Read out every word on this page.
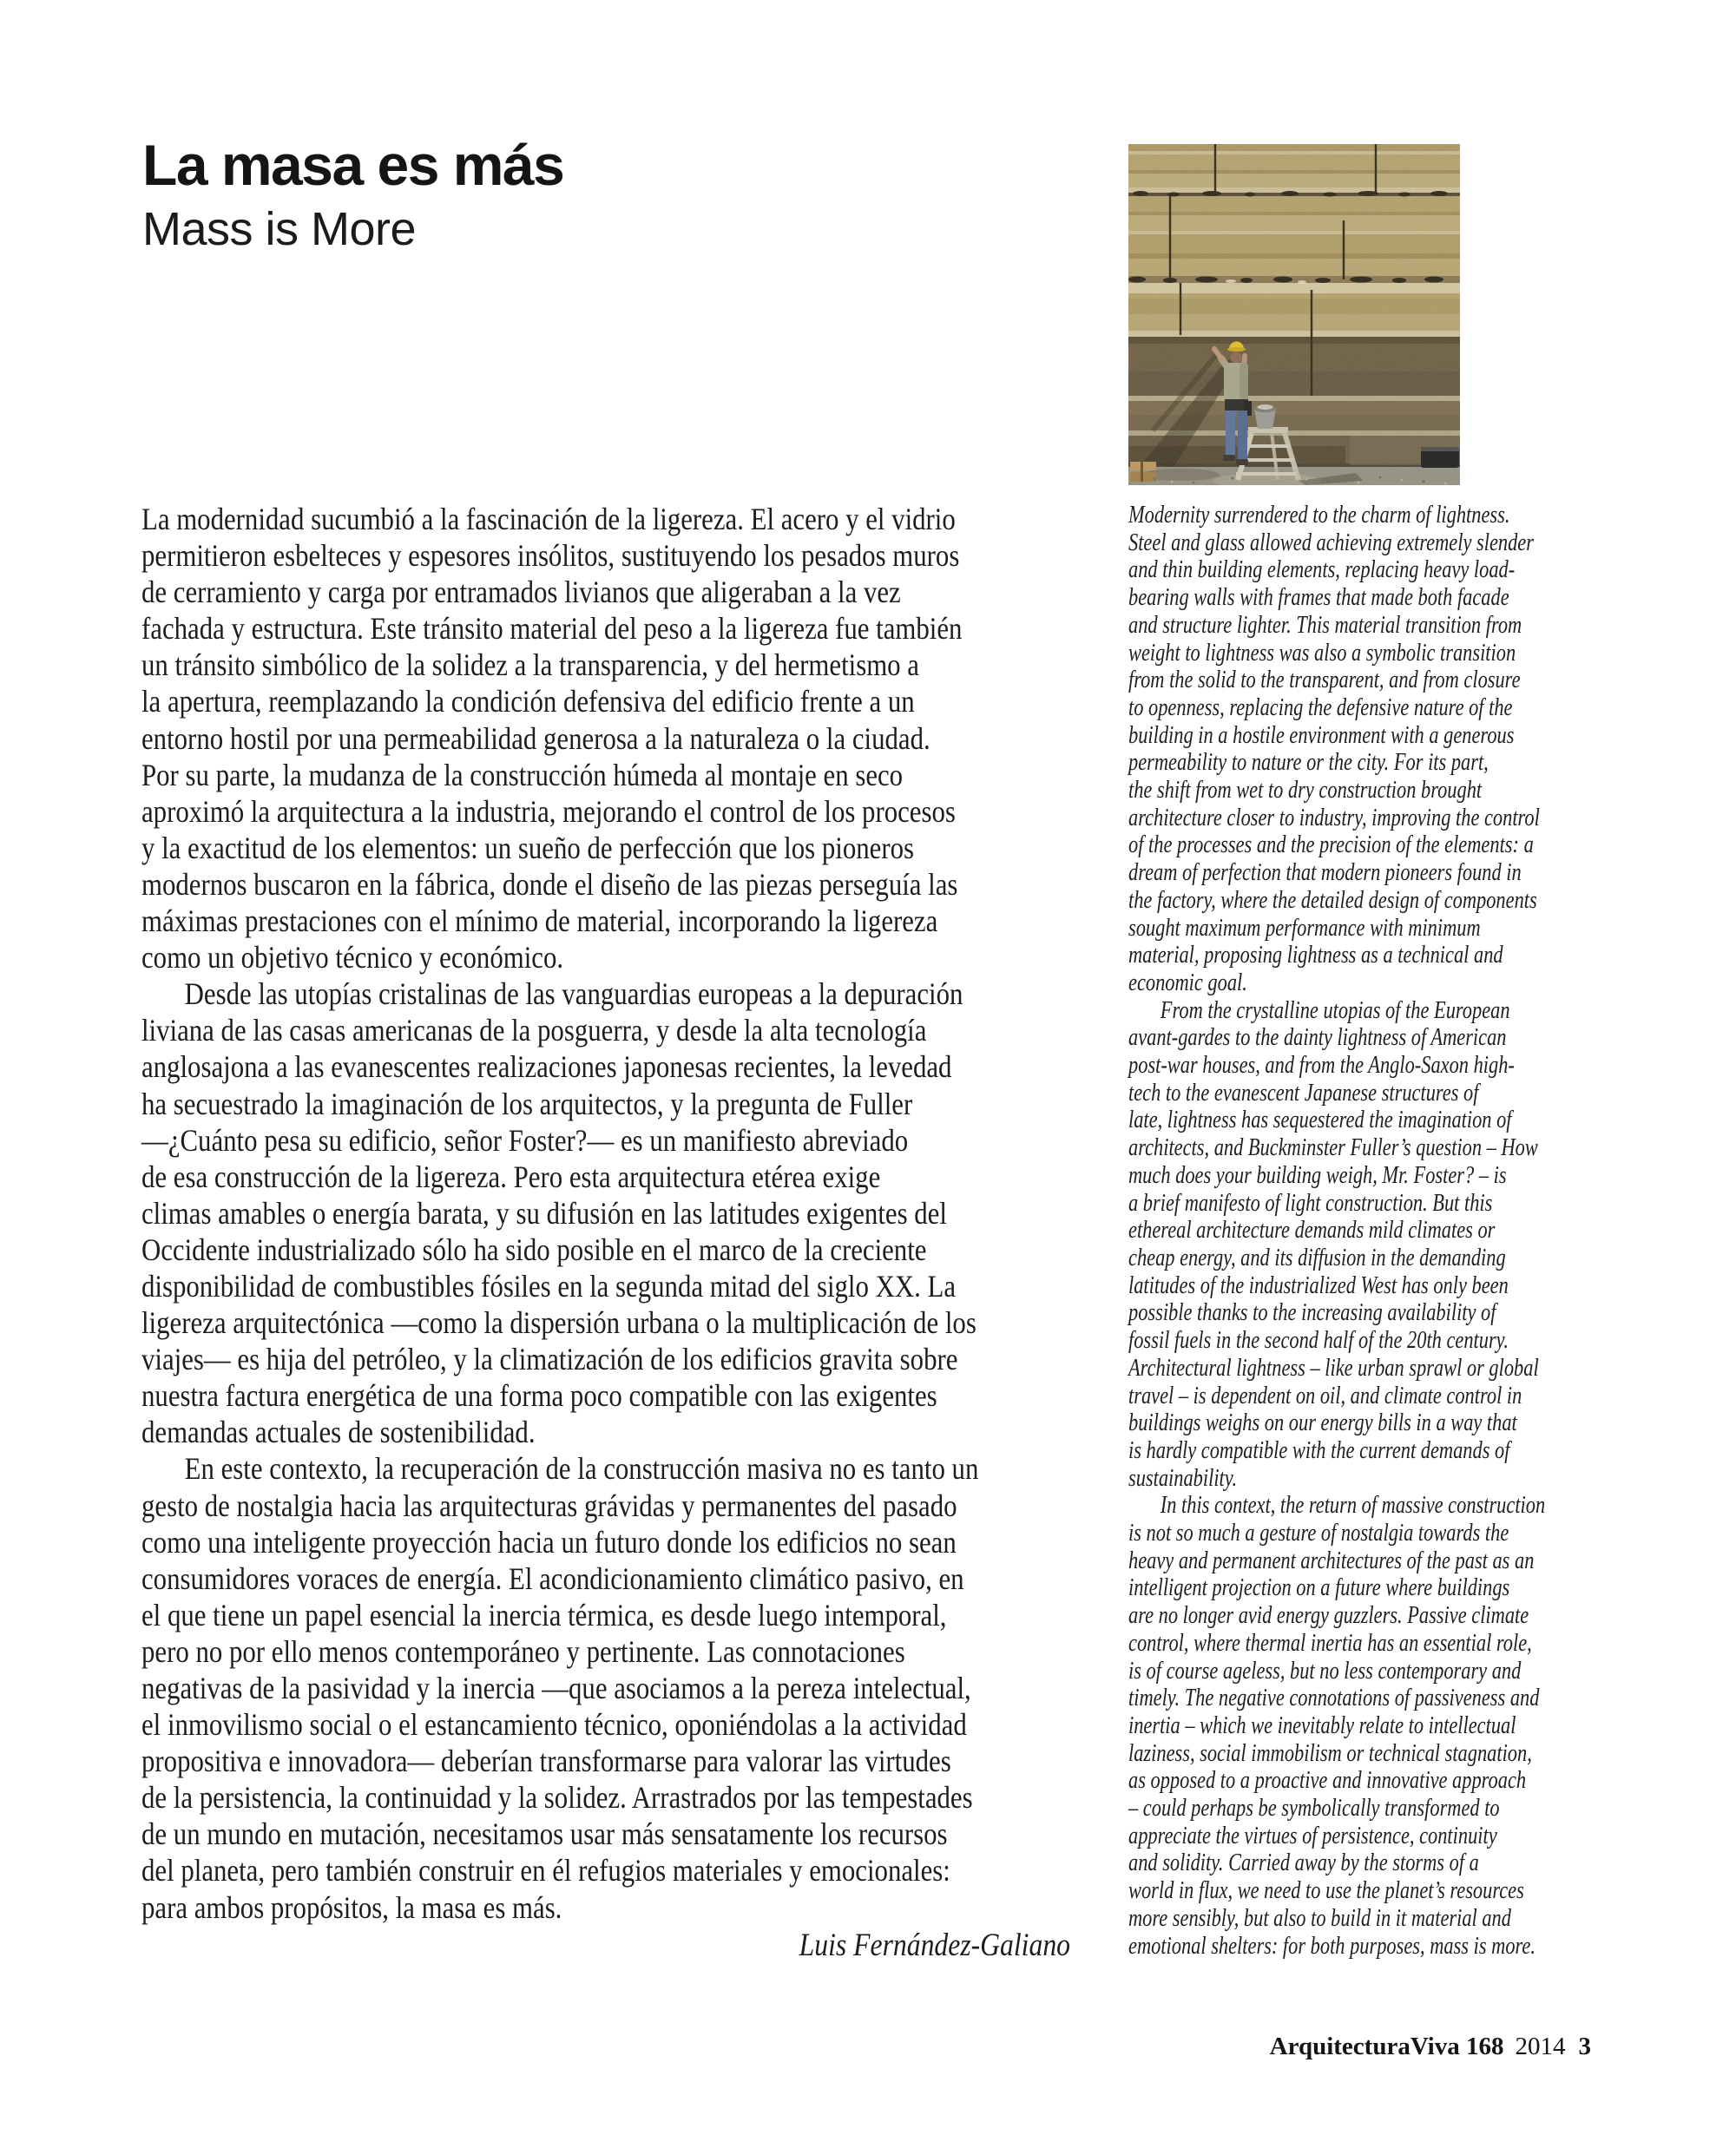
La masa es más
Mass is More
La modernidad sucumbió a la fascinación de la ligereza. El acero y el vidrio
permitieron esbelteces y espesores insólitos, sustituyendo los pesados muros
de cerramiento y carga por entramados livianos que aligeraban a la vez
fachada y estructura. Este tránsito material del peso a la ligereza fue también
un tránsito simbólico de la solidez a la transparencia, y del hermetismo a
la apertura, reemplazando la condición defensiva del edificio frente a un
entorno hostil por una permeabilidad generosa a la naturaleza o la ciudad.
Por su parte, la mudanza de la construcción húmeda al montaje en seco
aproximó la arquitectura a la industria, mejorando el control de los procesos
y la exactitud de los elementos: un sueño de perfección que los pioneros
modernos buscaron en la fábrica, donde el diseño de las piezas perseguía las
máximas prestaciones con el mínimo de material, incorporando la ligereza
como un objetivo técnico y económico.
Desde las utopías cristalinas de las vanguardias europeas a la depuración
liviana de las casas americanas de la posguerra, y desde la alta tecnología
anglosajona a las evanescentes realizaciones japonesas recientes, la levedad
ha secuestrado la imaginación de los arquitectos, y la pregunta de Fuller
—¿Cuánto pesa su edificio, señor Foster?— es un manifiesto abreviado
de esa construcción de la ligereza. Pero esta arquitectura etérea exige
climas amables o energía barata, y su difusión en las latitudes exigentes del
Occidente industrializado sólo ha sido posible en el marco de la creciente
disponibilidad de combustibles fósiles en la segunda mitad del siglo XX. La
ligereza arquitectónica —como la dispersión urbana o la multiplicación de los
viajes— es hija del petróleo, y la climatización de los edificios gravita sobre
nuestra factura energética de una forma poco compatible con las exigentes
demandas actuales de sostenibilidad.
En este contexto, la recuperación de la construcción masiva no es tanto un
gesto de nostalgia hacia las arquitecturas grávidas y permanentes del pasado
como una inteligente proyección hacia un futuro donde los edificios no sean
consumidores voraces de energía. El acondicionamiento climático pasivo, en
el que tiene un papel esencial la inercia térmica, es desde luego intemporal,
pero no por ello menos contemporáneo y pertinente. Las connotaciones
negativas de la pasividad y la inercia —que asociamos a la pereza intelectual,
el inmovilismo social o el estancamiento técnico, oponiéndolas a la actividad
propositiva e innovadora— deberían transformarse para valorar las virtudes
de la persistencia, la continuidad y la solidez. Arrastrados por las tempestades
de un mundo en mutación, necesitamos usar más sensatamente los recursos
del planeta, pero también construir en él refugios materiales y emocionales:
para ambos propósitos, la masa es más.
Luis Fernández-Galiano
Modernity surrendered to the charm of lightness.
Steel and glass allowed achieving extremely slender
and thin building elements, replacing heavy load-
bearing walls with frames that made both facade
and structure lighter. This material transition from
weight to lightness was also a symbolic transition
from the solid to the transparent, and from closure
to openness, replacing the defensive nature of the
building in a hostile environment with a generous
permeability to nature or the city. For its part,
the shift from wet to dry construction brought
architecture closer to industry, improving the control
of the processes and the precision of the elements: a
dream of perfection that modern pioneers found in
the factory, where the detailed design of components
sought maximum performance with minimum
material, proposing lightness as a technical and
economic goal.
From the crystalline utopias of the European
avant-gardes to the dainty lightness of American
post-war houses, and from the Anglo-Saxon high-
tech to the evanescent Japanese structures of
late, lightness has sequestered the imagination of
architects, and Buckminster Fuller’s question – How
much does your building weigh, Mr. Foster? – is
a brief manifesto of light construction. But this
ethereal architecture demands mild climates or
cheap energy, and its diffusion in the demanding
latitudes of the industrialized West has only been
possible thanks to the increasing availability of
fossil fuels in the second half of the 20th century.
Architectural lightness – like urban sprawl or global
travel – is dependent on oil, and climate control in
buildings weighs on our energy bills in a way that
is hardly compatible with the current demands of
sustainability.
In this context, the return of massive construction
is not so much a gesture of nostalgia towards the
heavy and permanent architectures of the past as an
intelligent projection on a future where buildings
are no longer avid energy guzzlers. Passive climate
control, where thermal inertia has an essential role,
is of course ageless, but no less contemporary and
timely. The negative connotations of passiveness and
inertia – which we inevitably relate to intellectual
laziness, social immobilism or technical stagnation,
as opposed to a proactive and innovative approach
– could perhaps be symbolically transformed to
appreciate the virtues of persistence, continuity
and solidity. Carried away by the storms of a
world in flux, we need to use the planet’s resources
more sensibly, but also to build in it material and
emotional shelters: for both purposes, mass is more.
ArquitecturaViva 168 2014 3
